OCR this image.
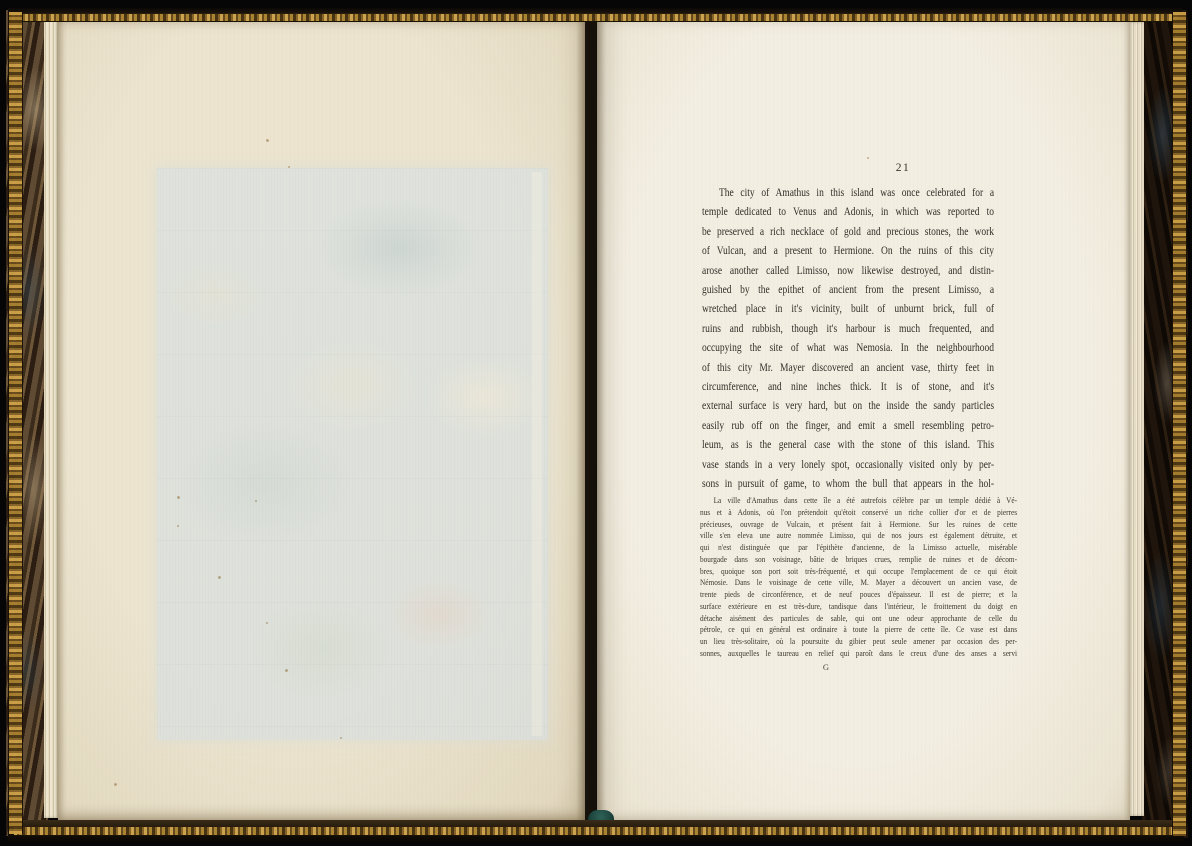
21
The city of Amathus in this island was once celebrated for a
temple dedicated to Venus and Adonis, in which was reported to
be preserved a rich necklace of gold and precious stones, the work
of Vulcan, and a present to Hermione. On the ruins of this city
arose another called Limisso, now likewise destroyed, and distin-
guished by the epithet of ancient from the present Limisso, a
wretched place in it's vicinity, built of unburnt brick, full of
ruins and rubbish, though it's harbour is much frequented, and
occupying the site of what was Nemosia. In the neighbourhood
of this city Mr. Mayer discovered an ancient vase, thirty feet in
circumference, and nine inches thick. It is of stone, and it's
external surface is very hard, but on the inside the sandy particles
easily rub off on the finger, and emit a smell resembling petro-
leum, as is the general case with the stone of this island. This
vase stands in a very lonely spot, occasionally visited only by per-
sons in pursuit of game, to whom the bull that appears in the hol-
La ville d'Amathus dans cette île a été autrefois célèbre par un temple dédié à Vé-
nus et à Adonis, où l'on prétendoit qu'étoit conservé un riche collier d'or et de pierres
précieuses, ouvrage de Vulcain, et présent fait à Hermione. Sur les ruines de cette
ville s'en eleva une autre nommée Limisso, qui de nos jours est également détruite, et
qui n'est distinguée que par l'épithète d'ancienne, de la Limisso actuelle, misérable
bourgade dans son voisinage, bâtie de briques crues, remplie de ruines et de décom-
bres, quoique son port soit très-fréquenté, et qui occupe l'emplacement de ce qui étoit
Némosie. Dans le voisinage de cette ville, M. Mayer a découvert un ancien vase, de
trente pieds de circonférence, et de neuf pouces d'épaisseur. Il est de pierre; et la
surface extérieure en est très-dure, tandisque dans l'intérieur, le froittement du doigt en
détache aisément des particules de sable, qui ont une odeur approchante de celle du
pétrole, ce qui en général est ordinaire à toute la pierre de cette île. Ce vase est dans
un lieu très-solitaire, où la poursuite du gibier peut seule amener par occasion des per-
sonnes, auxquelles le taureau en relief qui paroît dans le creux d'une des anses a servi
G
